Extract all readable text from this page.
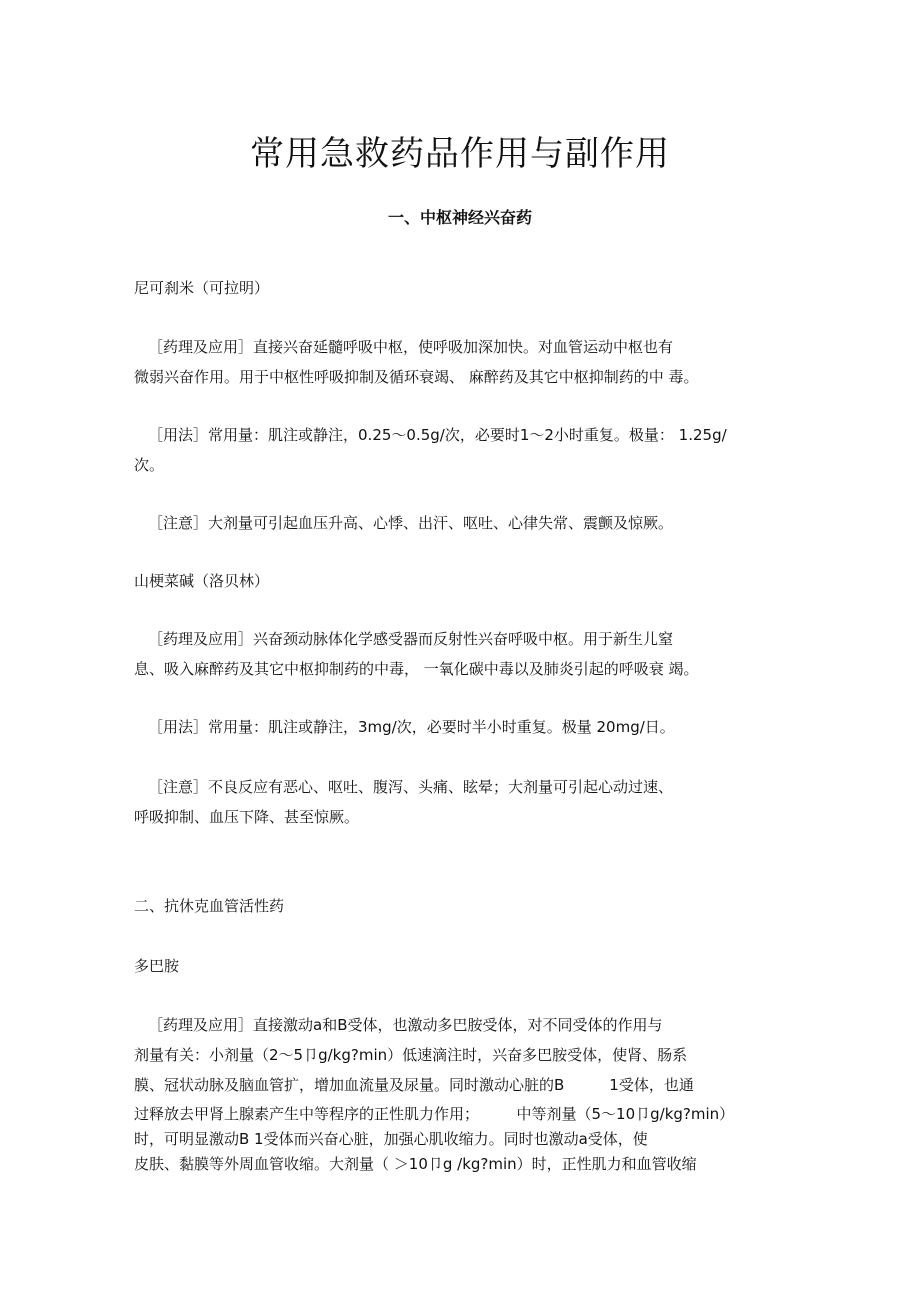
常用急救药品作用与副作用
一、中枢神经兴奋药

尼可刹米（可拉明）

［药理及应用］直接兴奋延髓呼吸中枢，使呼吸加深加快。对血管运动中枢也有

微弱兴奋作用。用于中枢性呼吸抑制及循环衰竭、 麻醉药及其它中枢抑制药的中 毒。

［用法］常用量：肌注或静注，0.25～0.5g/次，必要时1～2小时重复。极量： 1.25g/

次。

［注意］大剂量可引起血压升高、心悸、出汗、呕吐、心律失常、震颤及惊厥。

山梗菜碱（洛贝林）

［药理及应用］兴奋颈动脉体化学感受器而反射性兴奋呼吸中枢。用于新生儿窒

息、吸入麻醉药及其它中枢抑制药的中毒， 一氧化碳中毒以及肺炎引起的呼吸衰 竭。

［用法］常用量：肌注或静注，3mg/次，必要时半小时重复。极量 20mg/日。

［注意］不良反应有恶心、呕吐、腹泻、头痛、眩晕；大剂量可引起心动过速、

呼吸抑制、血压下降、甚至惊厥。

二、抗休克血管活性药

多巴胺

［药理及应用］直接激动a和B受体，也激动多巴胺受体，对不同受体的作用与

剂量有关：小剂量（2～5卩g/kg?min）低速滴注时，兴奋多巴胺受体，使肾、肠系

膜、冠状动脉及脑血管扩，增加血流量及尿量。同时激动心脏的B　　　1受体，也通

过释放去甲肾上腺素产生中等程序的正性肌力作用；　　　中等剂量（5～10卩g/kg?min）

时，可明显激动B 1受体而兴奋心脏，加强心肌收缩力。同时也激动a受体，使

皮肤、黏膜等外周血管收缩。大剂量（ ＞10卩g /kg?min）时，正性肌力和血管收缩
